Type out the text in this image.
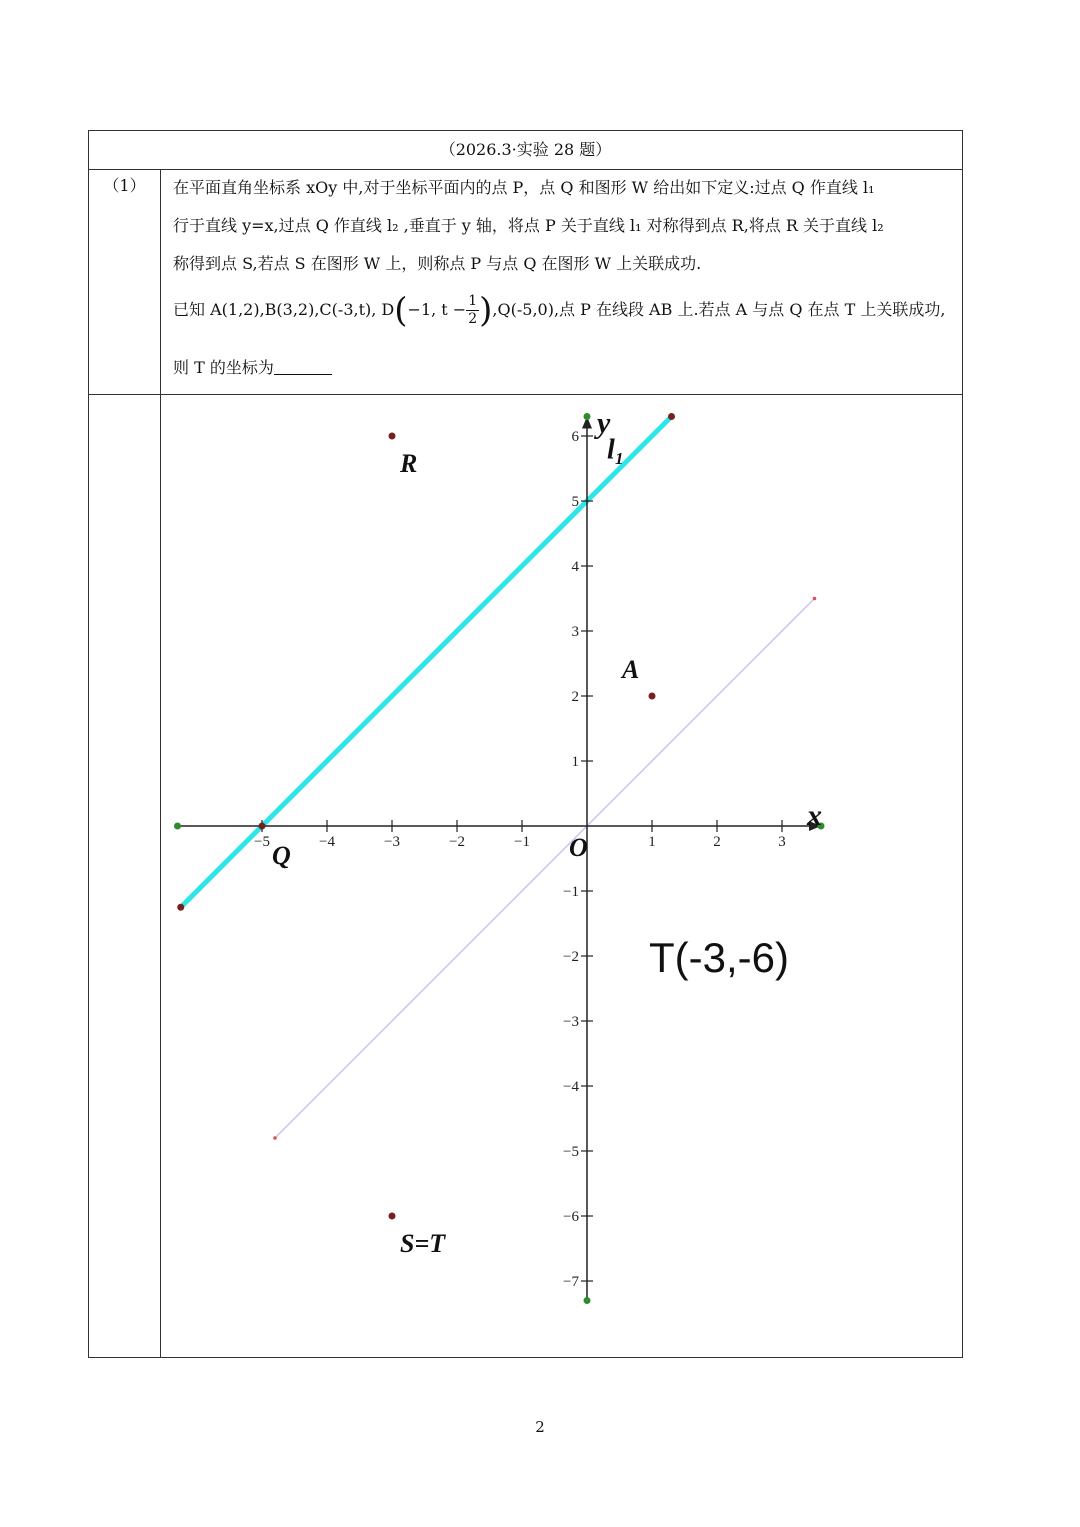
（2026.3·实验 28 题）
（1）	在平面直角坐标系 xOy 中,对于坐标平面内的点 P，点 Q 和图形 W 给出如下定义:过点 Q 作直线 l₁
行于直线 y=x,过点 Q 作直线 l₂ ,垂直于 y 轴，将点 P 关于直线 l₁ 对称得到点 R,将点 R 关于直线 l₂
称得到点 S,若点 S 在图形 W 上，则称点 P 与点 Q 在图形 W 上关联成功.
已知 A(1,2),B(3,2),C(-3,t), D(−1, $t - \frac{1}{2} ),Q(-5,0)$,点 P 在线段 AB 上.若点 A 与点 Q 在点 T 上关联成功,
则 T 的坐标为
−5	−4	−3	−2	−1	1	2	3
6
5
4
3
2
1
−1
−2
−3
−4
−5
−6
−7
x
y
l₁
O
R
A
Q
S=T
T(-3,-6)
2
